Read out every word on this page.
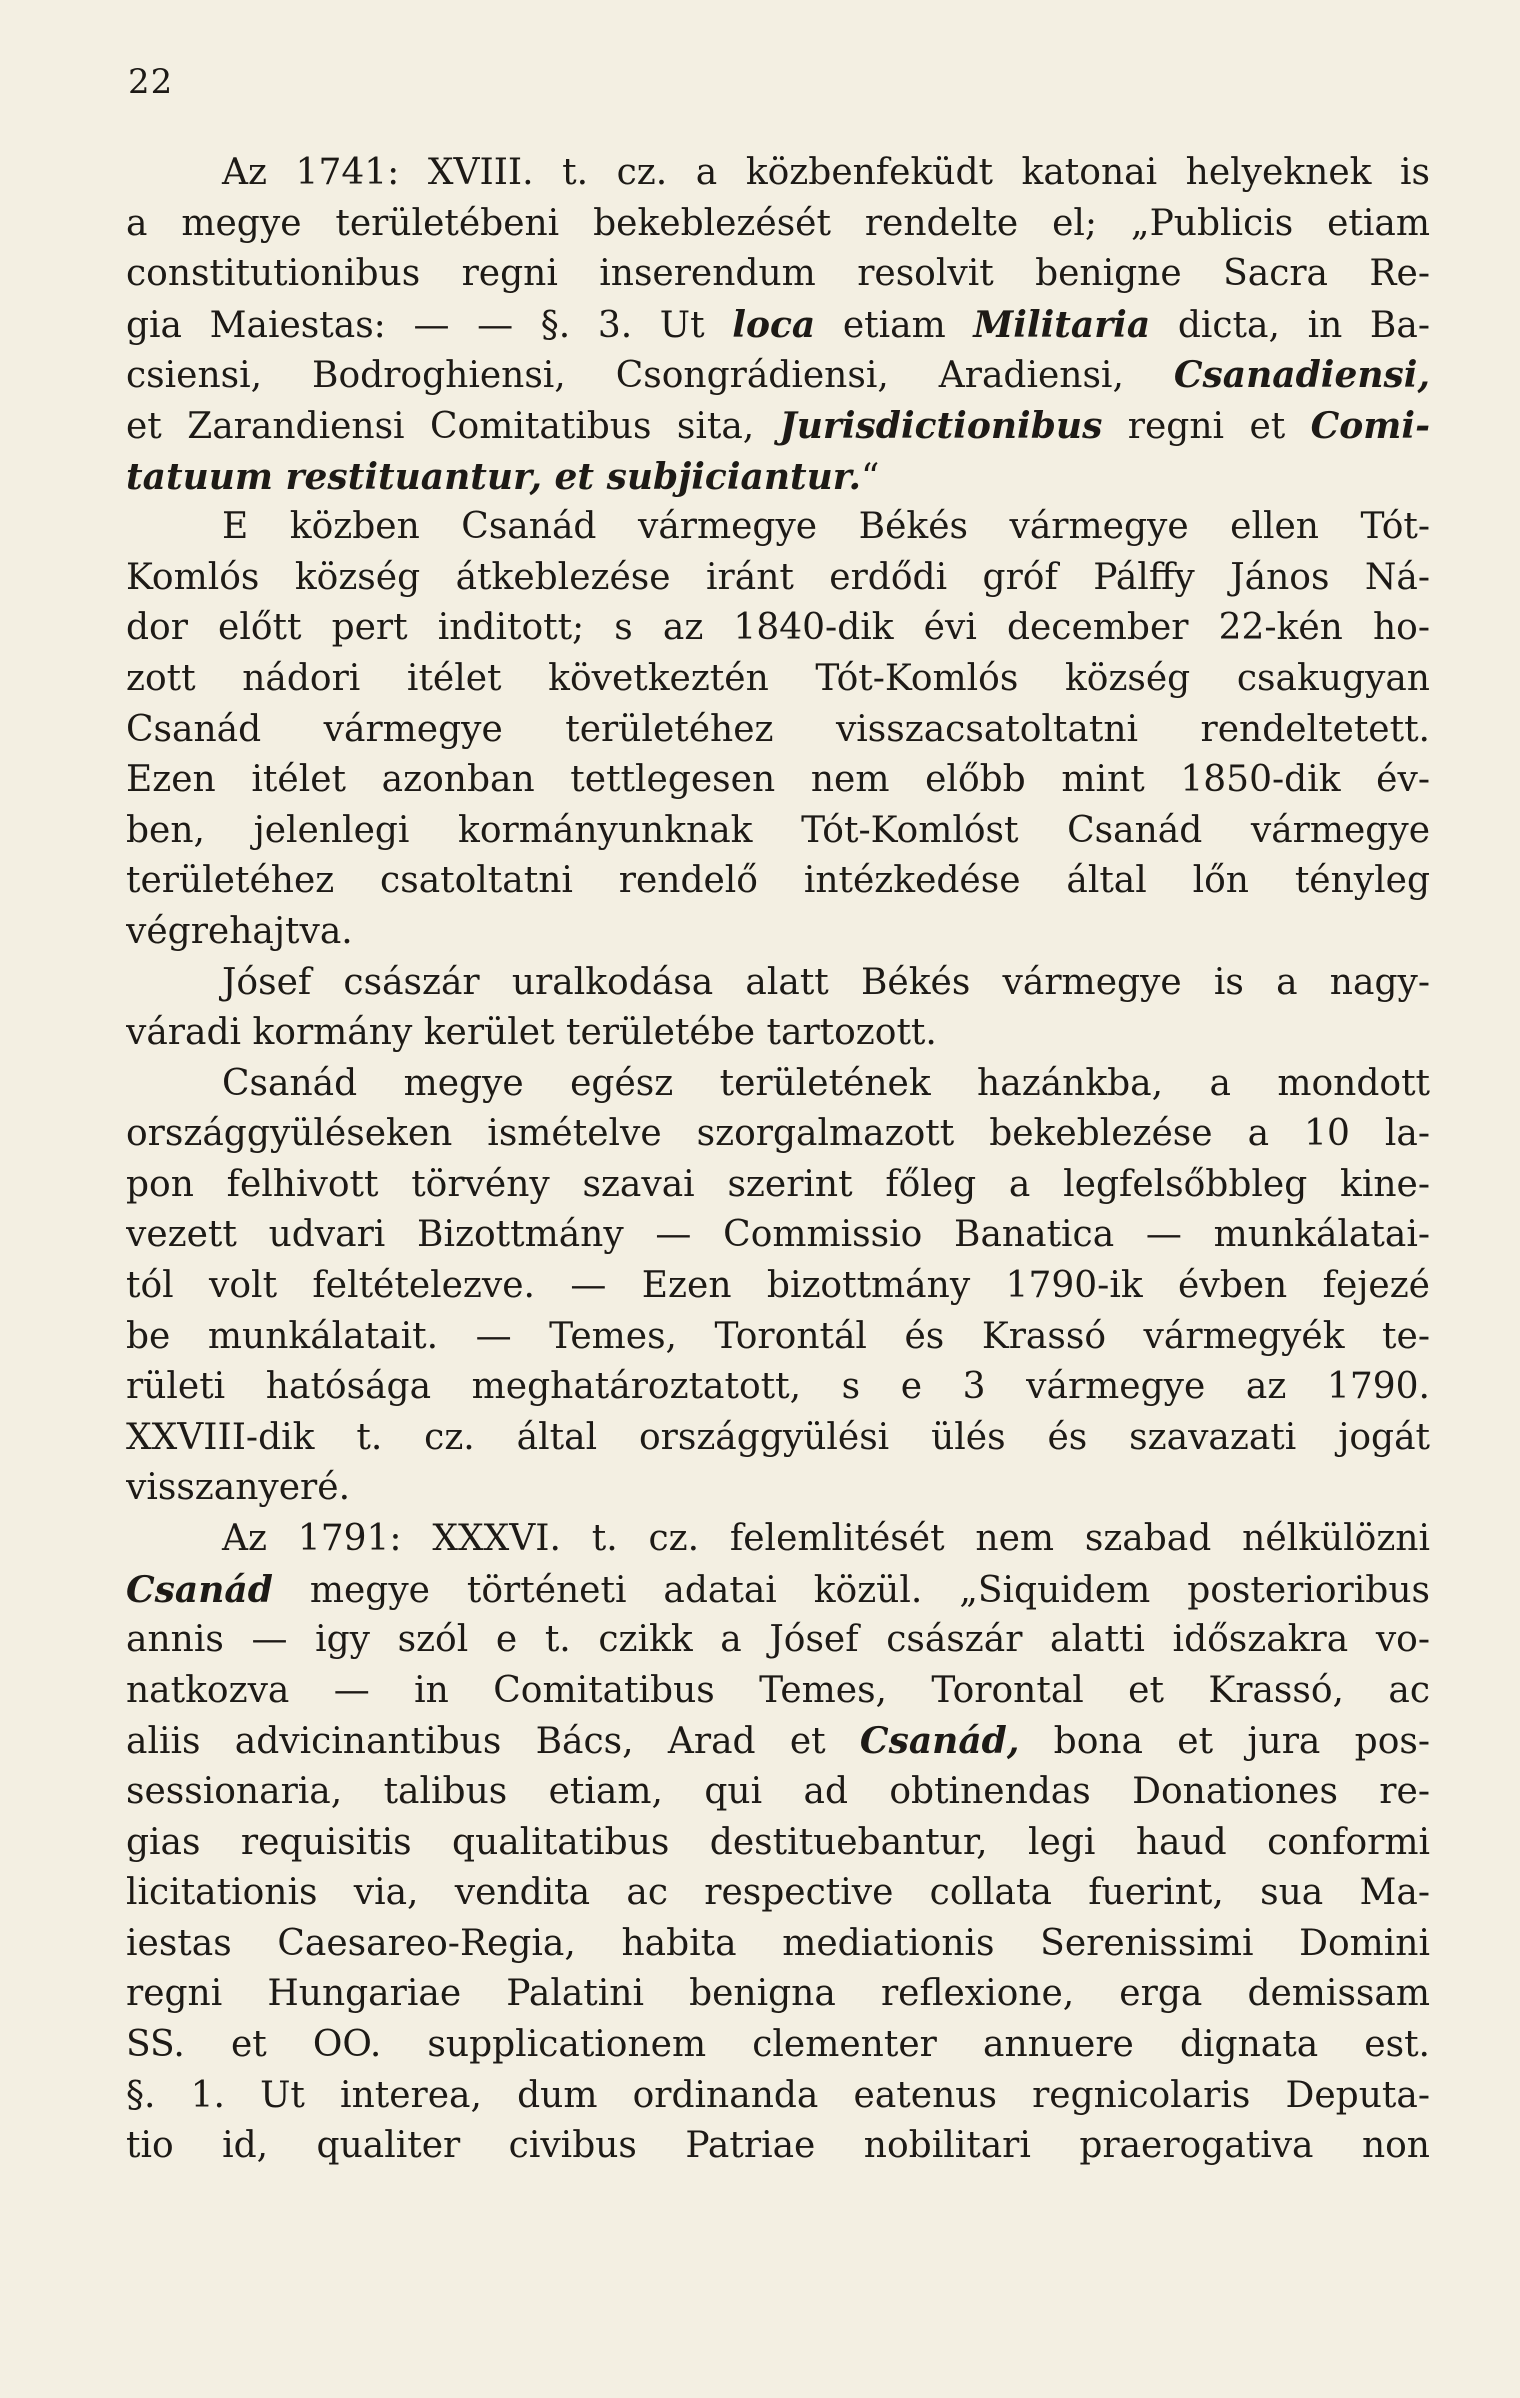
22
Az 1741: XVIII. t. cz. a közbenfeküdt katonai helyeknek is
a megye területébeni bekeblezését rendelte el; „Publicis etiam
constitutionibus regni inserendum resolvit benigne Sacra Re-
gia Maiestas: — — §. 3. Ut loca etiam Militaria dicta, in Ba-
csiensi, Bodroghiensi, Csongrádiensi, Aradiensi, Csanadiensi,
et Zarandiensi Comitatibus sita, Jurisdictionibus regni et Comi-
tatuum restituantur, et subjiciantur.“
E közben Csanád vármegye Békés vármegye ellen Tót-
Komlós község átkeblezése iránt erdődi gróf Pálffy János Ná-
dor előtt pert inditott; s az 1840-dik évi december 22-kén ho-
zott nádori itélet következtén Tót-Komlós község csakugyan
Csanád vármegye területéhez visszacsatoltatni rendeltetett.
Ezen itélet azonban tettlegesen nem előbb mint 1850-dik év-
ben, jelenlegi kormányunknak Tót-Komlóst Csanád vármegye
területéhez csatoltatni rendelő intézkedése által lőn tényleg
végrehajtva.
Jósef császár uralkodása alatt Békés vármegye is a nagy-
váradi kormány kerület területébe tartozott.
Csanád megye egész területének hazánkba, a mondott
országgyüléseken ismételve szorgalmazott bekeblezése a 10 la-
pon felhivott törvény szavai szerint főleg a legfelsőbbleg kine-
vezett udvari Bizottmány — Commissio Banatica — munkálatai-
tól volt feltételezve. — Ezen bizottmány 1790-ik évben fejezé
be munkálatait. — Temes, Torontál és Krassó vármegyék te-
rületi hatósága meghatároztatott, s e 3 vármegye az 1790.
XXVIII-dik t. cz. által országgyülési ülés és szavazati jogát
visszanyeré.
Az 1791: XXXVI. t. cz. felemlitését nem szabad nélkülözni
Csanád megye történeti adatai közül. „Siquidem posterioribus
annis — igy szól e t. czikk a Jósef császár alatti időszakra vo-
natkozva — in Comitatibus Temes, Torontal et Krassó, ac
aliis advicinantibus Bács, Arad et Csanád, bona et jura pos-
sessionaria, talibus etiam, qui ad obtinendas Donationes re-
gias requisitis qualitatibus destituebantur, legi haud conformi
licitationis via, vendita ac respective collata fuerint, sua Ma-
iestas Caesareo-Regia, habita mediationis Serenissimi Domini
regni Hungariae Palatini benigna reflexione, erga demissam
SS. et OO. supplicationem clementer annuere dignata est.
§. 1. Ut interea, dum ordinanda eatenus regnicolaris Deputa-
tio id, qualiter civibus Patriae nobilitari praerogativa non
